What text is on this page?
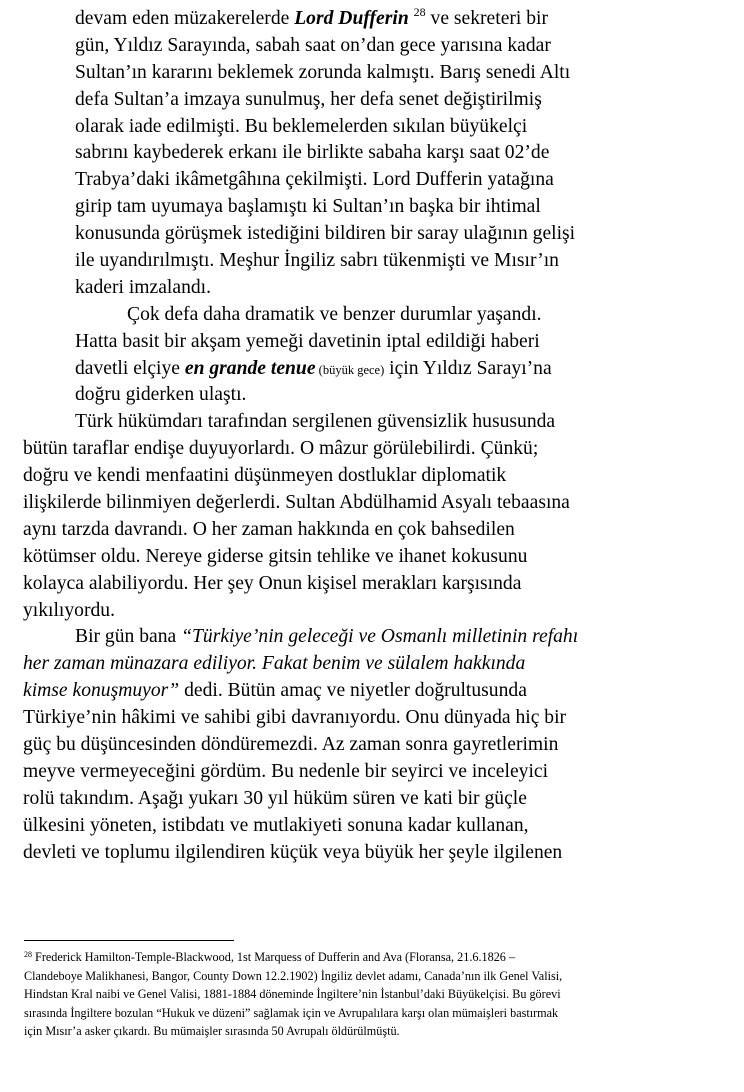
devam eden müzakerelerde Lord Dufferin $^{28}$ ve sekreteri bir
gün, Yıldız Sarayında, sabah saat on’dan gece yarısına kadar
Sultan’ın kararını beklemek zorunda kalmıştı. Barış senedi Altı
defa Sultan’a imzaya sunulmuş, her defa senet değiştirilmiş
olarak iade edilmişti. Bu beklemelerden sıkılan büyükelçi
sabrını kaybederek erkanı ile birlikte sabaha karşı saat 02’de
Trabya’daki ikâmetgâhına çekilmişti. Lord Dufferin yatağına
girip tam uyumaya başlamıştı ki Sultan’ın başka bir ihtimal
konusunda görüşmek istediğini bildiren bir saray ulağının gelişi
ile uyandırılmıştı. Meşhur İngiliz sabrı tükenmişti ve Mısır’ın
kaderi imzalandı.
Çok defa daha dramatik ve benzer durumlar yaşandı.
Hatta basit bir akşam yemeği davetinin iptal edildiği haberi
davetli elçiye en grande tenue (büyük gece) için Yıldız Sarayı’na
doğru giderken ulaştı.
Türk hükümdarı tarafından sergilenen güvensizlik hususunda
bütün taraflar endişe duyuyorlardı. O mâzur görülebilirdi. Çünkü;
doğru ve kendi menfaatini düşünmeyen dostluklar diplomatik
ilişkilerde bilinmiyen değerlerdi. Sultan Abdülhamid Asyalı tebaasına
aynı tarzda davrandı. O her zaman hakkında en çok bahsedilen
kötümser oldu. Nereye giderse gitsin tehlike ve ihanet kokusunu
kolayca alabiliyordu. Her şey Onun kişisel merakları karşısında
yıkılıyordu.
Bir gün bana “Türkiye’nin geleceği ve Osmanlı milletinin refahı
her zaman münazara ediliyor. Fakat benim ve sülalem hakkında
kimse konuşmuyor” dedi. Bütün amaç ve niyetler doğrultusunda
Türkiye’nin hâkimi ve sahibi gibi davranıyordu. Onu dünyada hiç bir
güç bu düşüncesinden döndüremezdi. Az zaman sonra gayretlerimin
meyve vermeyeceğini gördüm. Bu nedenle bir seyirci ve inceleyici
rolü takındım. Aşağı yukarı 30 yıl hüküm süren ve kati bir güçle
ülkesini yöneten, istibdatı ve mutlakiyeti sonuna kadar kullanan,
devleti ve toplumu ilgilendiren küçük veya büyük her şeyle ilgilenen
$^{28}$ Frederick Hamilton-Temple-Blackwood, 1st Marquess of Dufferin and Ava (Floransa, 21.6.1826 –
Clandeboye Malikhanesi, Bangor, County Down 12.2.1902) İngiliz devlet adamı, Canada’nın ilk Genel Valisi,
Hindstan Kral naibi ve Genel Valisi, 1881-1884 döneminde İngiltere’nin İstanbul’daki Büyükelçisi. Bu görevi
sırasında İngiltere bozulan “Hukuk ve düzeni” sağlamak için ve Avrupalılara karşı olan mümaişleri bastırmak
için Mısır’a asker çıkardı. Bu mümaişler sırasında 50 Avrupalı öldürülmüştü.
